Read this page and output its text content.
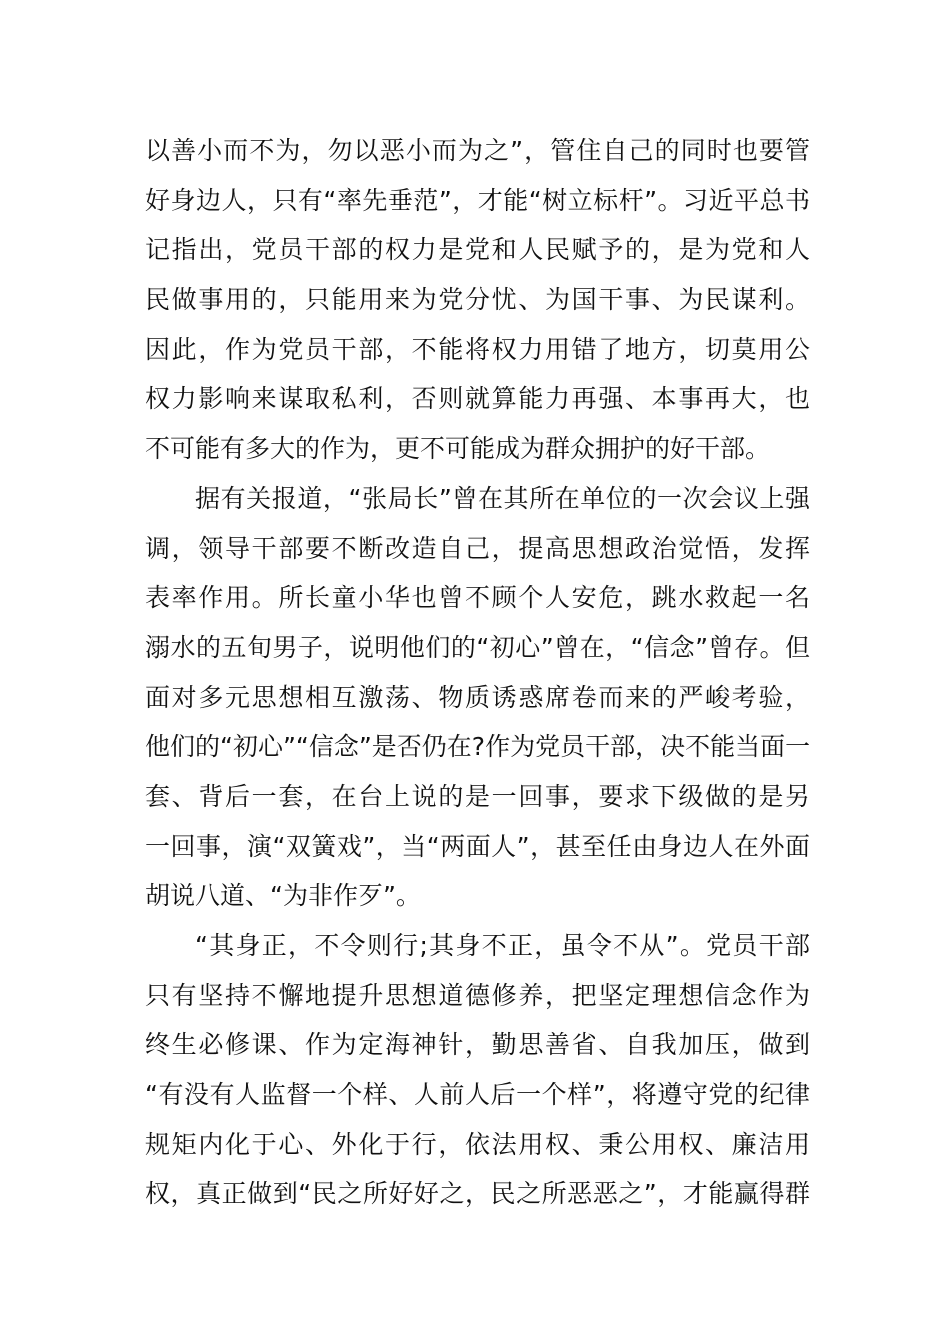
以善小而不为，勿以恶小而为之”，管住自己的同时也要管
好身边人，只有“率先垂范”，才能“树立标杆”。习近平总书
记指出，党员干部的权力是党和人民赋予的，是为党和人
民做事用的，只能用来为党分忧、为国干事、为民谋利。
因此，作为党员干部，不能将权力用错了地方，切莫用公
权力影响来谋取私利，否则就算能力再强、本事再大，也
不可能有多大的作为，更不可能成为群众拥护的好干部。
据有关报道，“张局长”曾在其所在单位的一次会议上强
调，领导干部要不断改造自己，提高思想政治觉悟，发挥
表率作用。所长童小华也曾不顾个人安危，跳水救起一名
溺水的五旬男子，说明他们的“初心”曾在，“信念”曾存。但
面对多元思想相互激荡、物质诱惑席卷而来的严峻考验，
他们的“初心”“信念”是否仍在?作为党员干部，决不能当面一
套、背后一套，在台上说的是一回事，要求下级做的是另
一回事，演“双簧戏”，当“两面人”，甚至任由身边人在外面
胡说八道、“为非作歹”。
“其身正，不令则行;其身不正，虽令不从”。党员干部
只有坚持不懈地提升思想道德修养，把坚定理想信念作为
终生必修课、作为定海神针，勤思善省、自我加压，做到
“有没有人监督一个样、人前人后一个样”，将遵守党的纪律
规矩内化于心、外化于行，依法用权、秉公用权、廉洁用
权，真正做到“民之所好好之，民之所恶恶之”，才能赢得群
